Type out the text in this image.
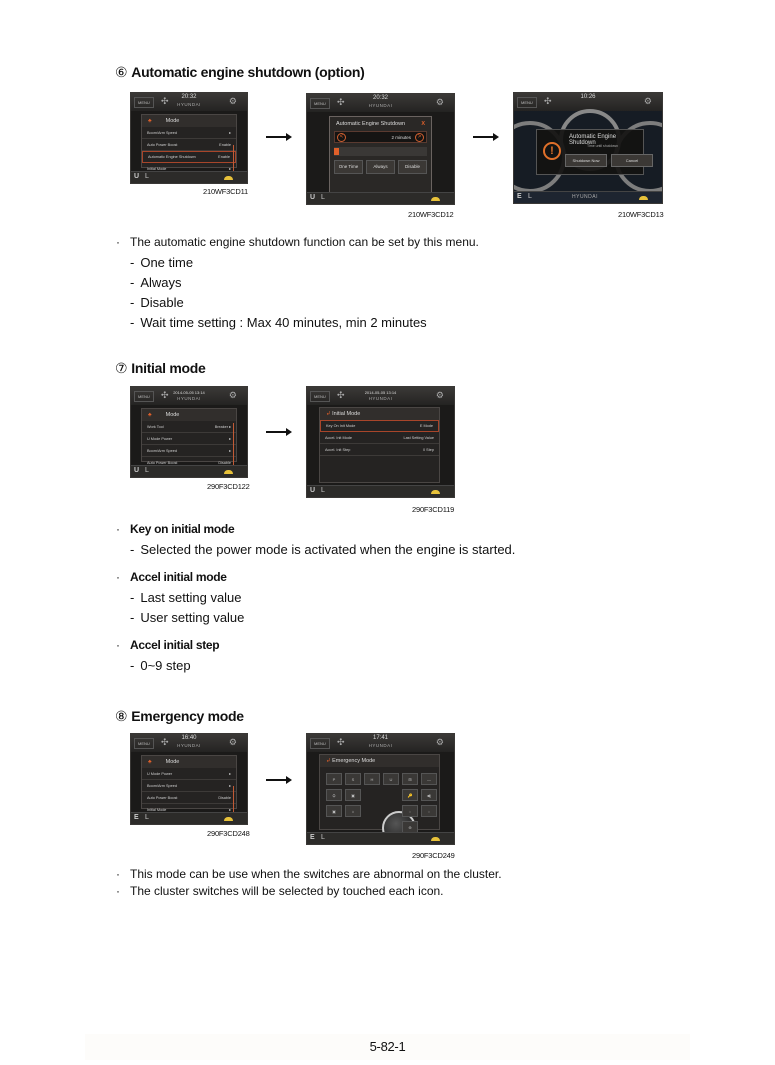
⑥ Automatic engine shutdown (option)
MENU	✣ 20:32
HYUNDAI	⚙
♣	Mode
Boom/Arm Speed	▸
Auto Power Boost	Enable
Automatic Engine Shutdown	Enable
Initial Mode	▸
U L
210WF3CD11
MENU	✣	20:32
HYUNDAI	⚙
Automatic Engine Shutdown	X
<	2 minutes	>
One Time	Always	Disable
U L
210WF3CD12
MENU	✣	10:26	⚙
!
Automatic Engine Shutdown
Time until shutdown
Shutdown Now	Cancel
E L	HYUNDAI
210WF3CD13
·   The automatic engine shutdown function can be set by this menu.
- One time
- Always
- Disable
- Wait time setting : Max 40 minutes, min 2 minutes
⑦ Initial mode
MENU	✣ 2014-05-05 13:14
HYUNDAI	⚙
♣	Mode
Work Tool	Breaker ▸
U Mode Power	▸
Boom/Arm Speed	▸
Auto Power Boost	Disable
U L
290F3CD122
MENU	✣	2014-05-05 13:14
HYUNDAI	⚙
↲ Initial Mode
Key On Init Mode	E Mode
Accel. Init Mode	Last Setting Value
Accel. Init Step	0 Step
U L
290F3CD119
·   Key on initial mode
- Selected the power mode is activated when the engine is started.
·   Accel initial mode
- Last setting value
- User setting value
·   Accel initial step
- 0~9 step
⑧ Emergency mode
MENU	✣ 16:40
HYUNDAI	⚙
♣	Mode
U Mode Power	▸
Boom/Arm Speed	▸
Auto Power Boost	Disable
Initial Mode	▸
E L
290F3CD248
MENU	✣	17:41
HYUNDAI	⚙
↲ Emergency Mode
P	S	H	U	⊞	—
⛭	▣
▣	⌂
🔑	◀)
◌	◌
⊕
E L
290F3CD249
·   This mode can be use when the switches are abnormal on the cluster.
·   The cluster switches will be selected by touched each icon.
5-82-1
